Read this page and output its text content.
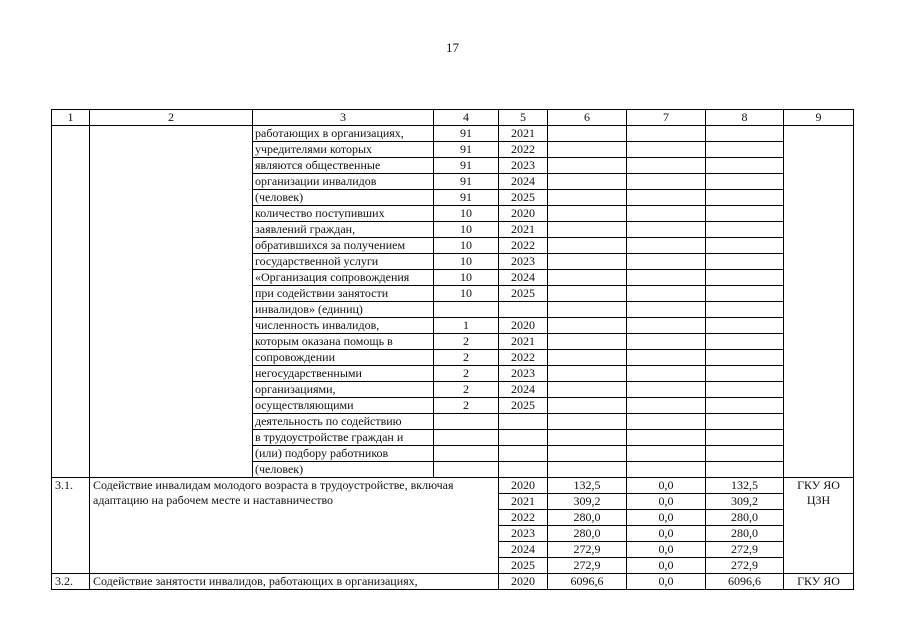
17
1	2	3	4	5	6	7	8	9
		работающих в организациях,	91	2021				
		учредителями которых	91	2022				
		являются общественные	91	2023				
		организации инвалидов	91	2024				
		(человек)	91	2025				
		количество поступивших	10	2020				
		заявлений граждан,	10	2021				
		обратившихся за получением	10	2022				
		государственной услуги	10	2023				
		«Организация сопровождения	10	2024				
		при содействии занятости	10	2025				
		инвалидов» (единиц)						
		численность инвалидов,	1	2020				
		которым оказана помощь в	2	2021				
		сопровождении	2	2022				
		негосударственными	2	2023				
		организациями,	2	2024				
		осуществляющими	2	2025				
		деятельность по содействию						
		в трудоустройстве граждан и						
		(или) подбору работников						
		(человек)						
3.1.	Содействие инвалидам молодого возраста в трудоустройстве, включая адаптацию на рабочем месте и наставничество			2020	132,5	0,0	132,5	ГКУ ЯО ЦЗН
				2021	309,2	0,0	309,2	
				2022	280,0	0,0	280,0	
				2023	280,0	0,0	280,0	
				2024	272,9	0,0	272,9	
				2025	272,9	0,0	272,9	
3.2.	Содействие занятости инвалидов, работающих в организациях,			2020	6096,6	0,0	6096,6	ГКУ ЯО
